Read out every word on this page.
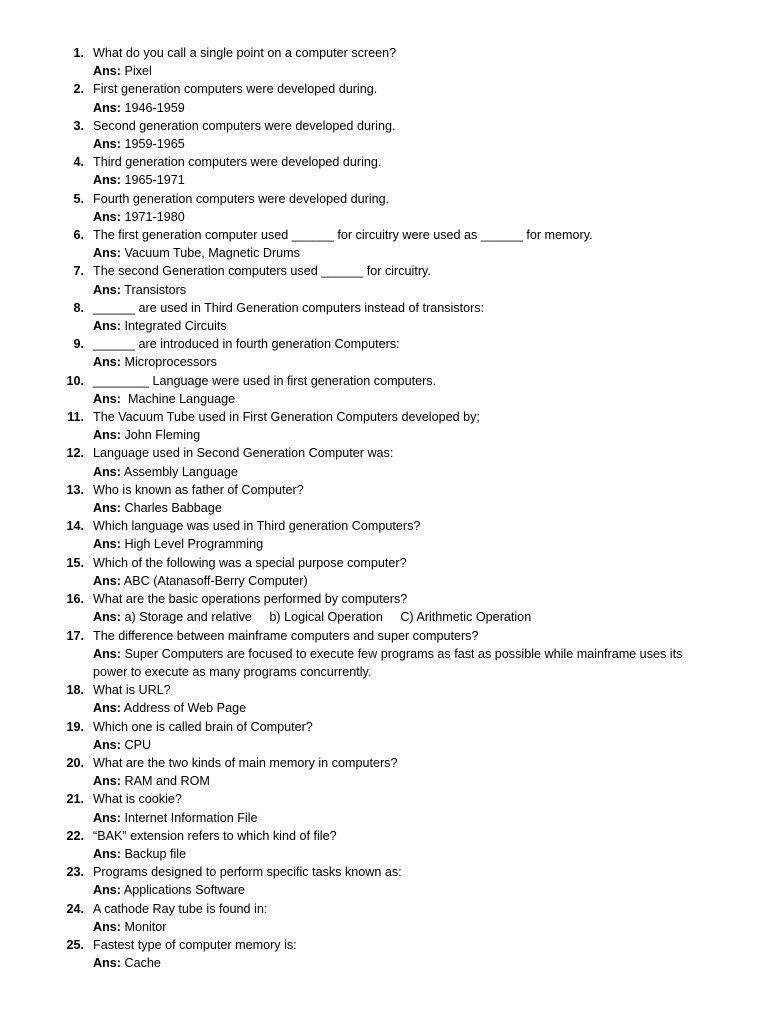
1. What do you call a single point on a computer screen?
Ans: Pixel
2. First generation computers were developed during.
Ans: 1946-1959
3. Second generation computers were developed during.
Ans: 1959-1965
4. Third generation computers were developed during.
Ans: 1965-1971
5. Fourth generation computers were developed during.
Ans: 1971-1980
6. The first generation computer used ______ for circuitry were used as ______ for memory.
Ans: Vacuum Tube, Magnetic Drums
7. The second Generation computers used ______ for circuitry.
Ans: Transistors
8. ______ are used in Third Generation computers instead of transistors:
Ans: Integrated Circuits
9. ______ are introduced in fourth generation Computers:
Ans: Microprocessors
10. ________ Language were used in first generation computers.
Ans:  Machine Language
11. The Vacuum Tube used in First Generation Computers developed by;
Ans: John Fleming
12. Language used in Second Generation Computer was:
Ans: Assembly Language
13. Who is known as father of Computer?
Ans: Charles Babbage
14. Which language was used in Third generation Computers?
Ans: High Level Programming
15. Which of the following was a special purpose computer?
Ans: ABC (Atanasoff-Berry Computer)
16. What are the basic operations performed by computers?
Ans: a) Storage and relative     b) Logical Operation     C) Arithmetic Operation
17. The difference between mainframe computers and super computers?
Ans: Super Computers are focused to execute few programs as fast as possible while mainframe uses its power to execute as many programs concurrently.
18. What is URL?
Ans: Address of Web Page
19. Which one is called brain of Computer?
Ans: CPU
20. What are the two kinds of main memory in computers?
Ans: RAM and ROM
21. What is cookie?
Ans: Internet Information File
22. “BAK” extension refers to which kind of file?
Ans: Backup file
23. Programs designed to perform specific tasks known as:
Ans: Applications Software
24. A cathode Ray tube is found in:
Ans: Monitor
25. Fastest type of computer memory is:
Ans: Cache
